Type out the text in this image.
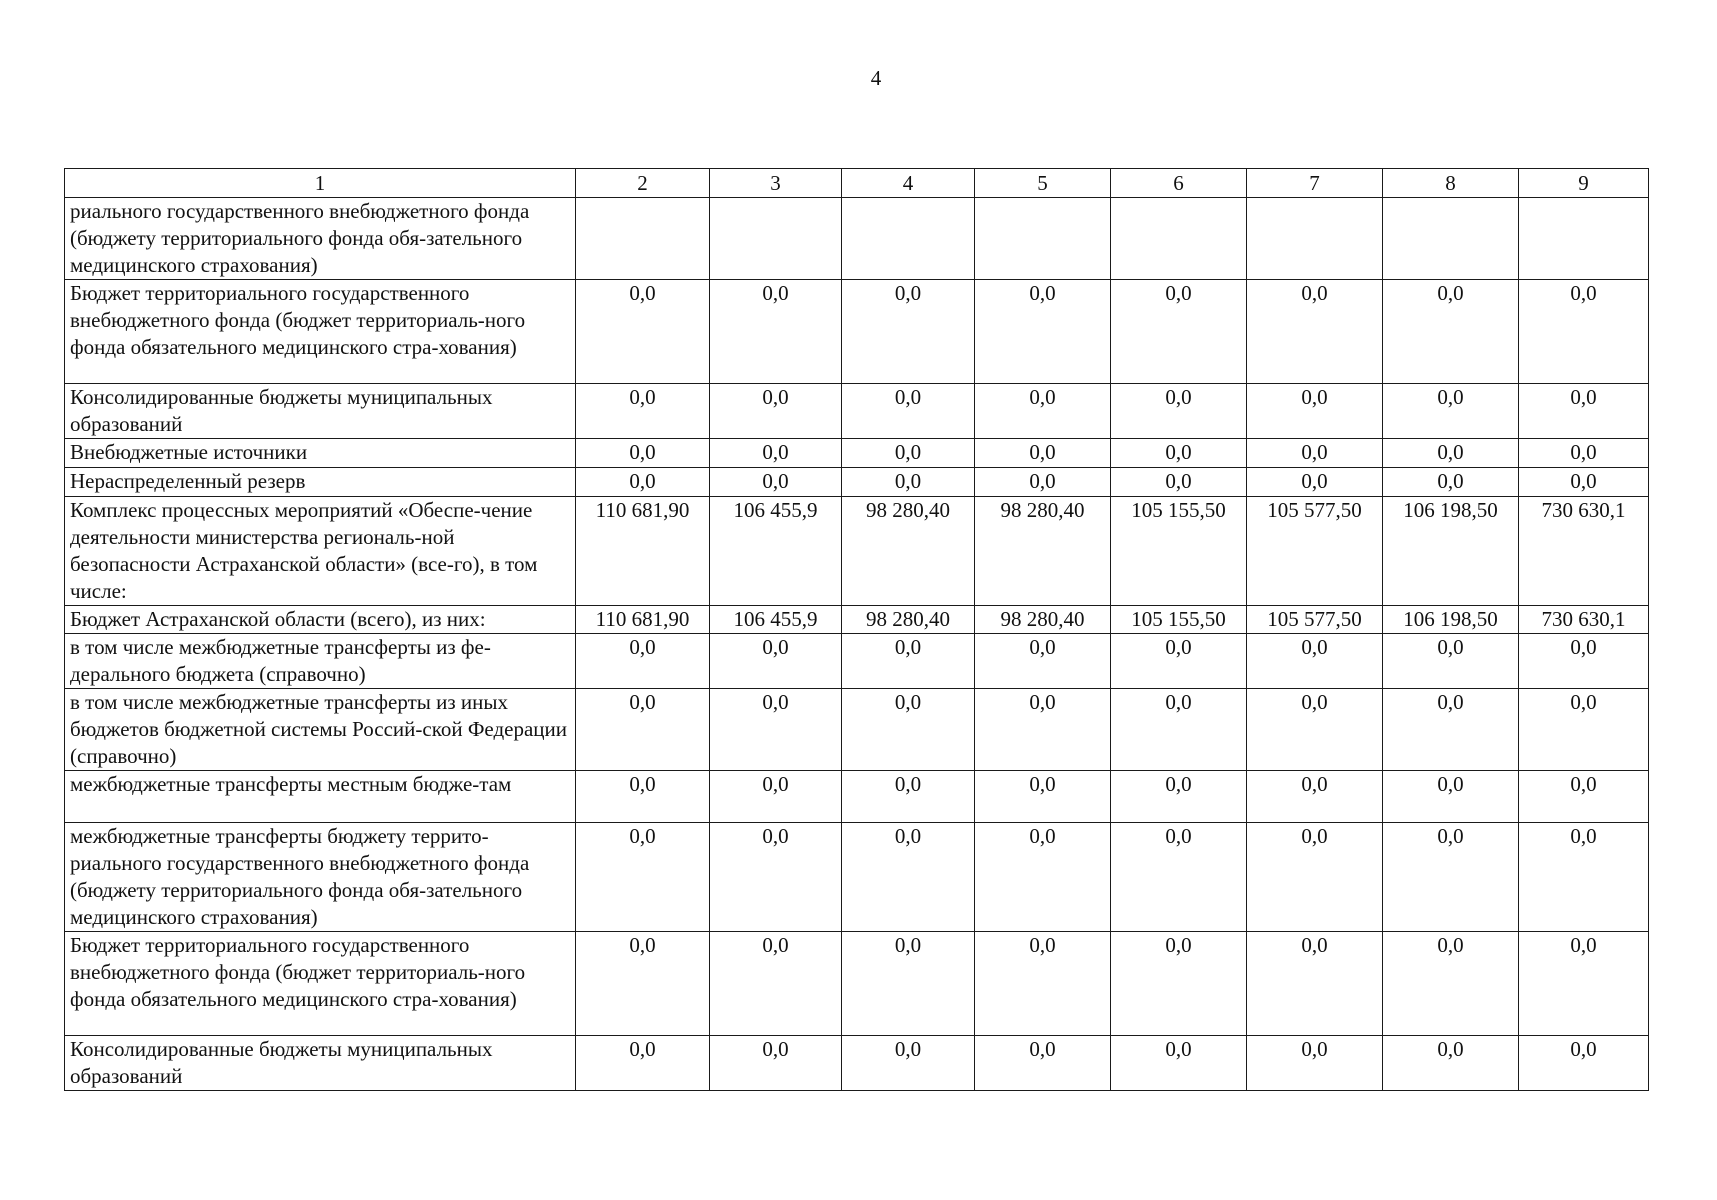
4
1	2	3	4	5	6	7	8	9
риального государственного внебюджетного фонда (бюджету территориального фонда обя-зательного медицинского страхования)								
Бюджет территориального государственного внебюджетного фонда (бюджет территориаль-ного фонда обязательного медицинского стра-хования)	0,0	0,0	0,0	0,0	0,0	0,0	0,0	0,0
Консолидированные бюджеты муниципальных образований	0,0	0,0	0,0	0,0	0,0	0,0	0,0	0,0
Внебюджетные источники	0,0	0,0	0,0	0,0	0,0	0,0	0,0	0,0
Нераспределенный резерв	0,0	0,0	0,0	0,0	0,0	0,0	0,0	0,0
Комплекс процессных мероприятий «Обеспе-чение деятельности министерства региональ-ной безопасности Астраханской области» (все-го), в том числе:	110 681,90	106 455,9	98 280,40	98 280,40	105 155,50	105 577,50	106 198,50	730 630,1
Бюджет Астраханской области (всего), из них:	110 681,90	106 455,9	98 280,40	98 280,40	105 155,50	105 577,50	106 198,50	730 630,1
в том числе межбюджетные трансферты из фе-дерального бюджета (справочно)	0,0	0,0	0,0	0,0	0,0	0,0	0,0	0,0
в том числе межбюджетные трансферты из иных бюджетов бюджетной системы Россий-ской Федерации (справочно)	0,0	0,0	0,0	0,0	0,0	0,0	0,0	0,0
межбюджетные трансферты местным бюдже-там	0,0	0,0	0,0	0,0	0,0	0,0	0,0	0,0
межбюджетные трансферты бюджету террито-риального государственного внебюджетного фонда (бюджету территориального фонда обя-зательного медицинского страхования)	0,0	0,0	0,0	0,0	0,0	0,0	0,0	0,0
Бюджет территориального государственного внебюджетного фонда (бюджет территориаль-ного фонда обязательного медицинского стра-хования)	0,0	0,0	0,0	0,0	0,0	0,0	0,0	0,0
Консолидированные бюджеты муниципальных образований	0,0	0,0	0,0	0,0	0,0	0,0	0,0	0,0
